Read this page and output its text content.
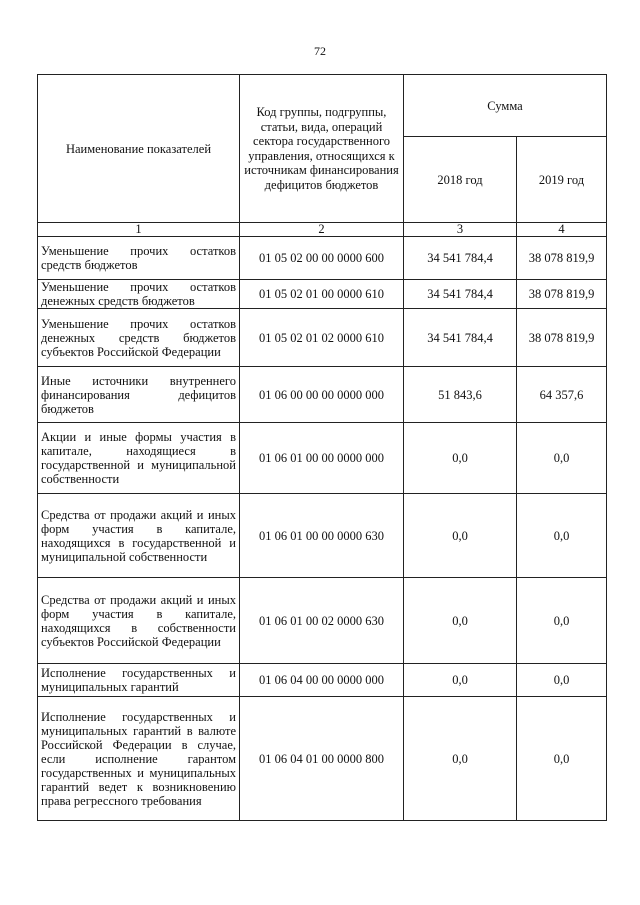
72
Наименование показателей	Код группы, подгруппы, статьи, вида, операций сектора государственного управления, относящихся к источникам финансирования дефицитов бюджетов	Сумма	
		2018 год	2019 год
1	2	3	4
Уменьшение прочих остатков средств бюджетов	01 05 02 00 00 0000 600	34 541 784,4	38 078 819,9
Уменьшение прочих остатков денежных средств бюджетов	01 05 02 01 00 0000 610	34 541 784,4	38 078 819,9
Уменьшение прочих остатков денежных средств бюджетов субъектов Российской Федерации	01 05 02 01 02 0000 610	34 541 784,4	38 078 819,9
Иные источники внутреннего финансирования дефицитов бюджетов	01 06 00 00 00 0000 000	51 843,6	64 357,6
Акции и иные формы участия в капитале, находящиеся в государственной и муниципальной собственности	01 06 01 00 00 0000 000	0,0	0,0
Средства от продажи акций и иных форм участия в капитале, находящихся в государственной и муниципальной собственности	01 06 01 00 00 0000 630	0,0	0,0
Средства от продажи акций и иных форм участия в капитале, находящихся в собственности субъектов Российской Федерации	01 06 01 00 02 0000 630	0,0	0,0
Исполнение государственных и муниципальных гарантий	01 06 04 00 00 0000 000	0,0	0,0
Исполнение государственных и муниципальных гарантий в валюте Российской Федерации в случае, если исполнение гарантом государственных и муниципальных гарантий ведет к возникновению права регрессного требования	01 06 04 01 00 0000 800	0,0	0,0
